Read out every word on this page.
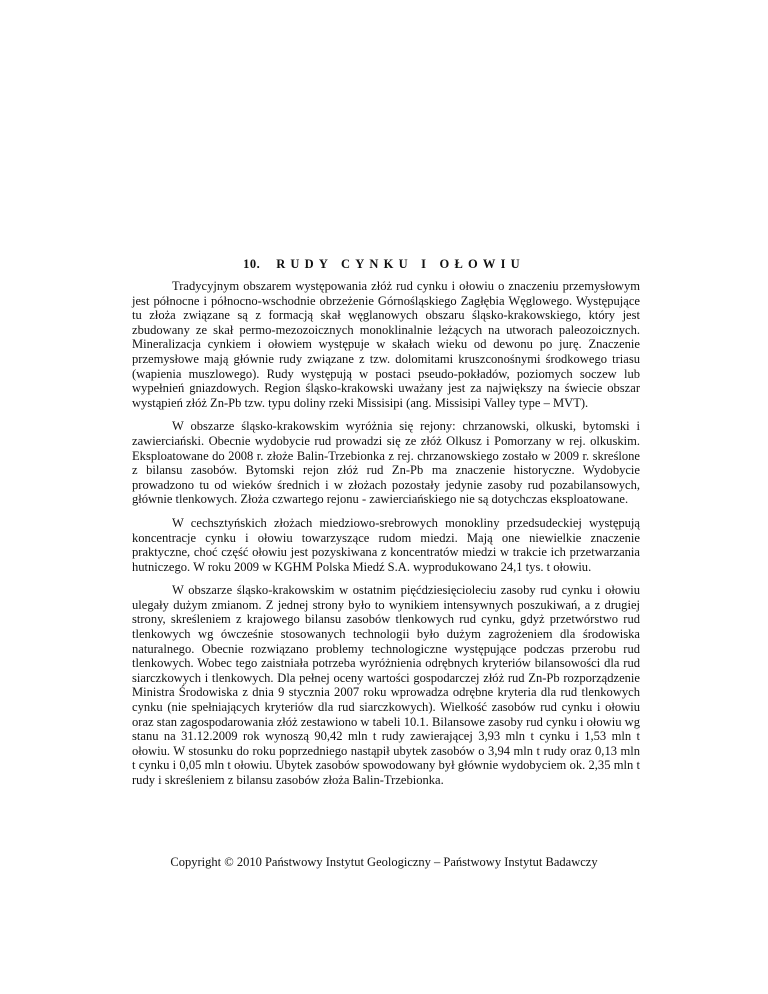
10. RUDY CYNKU I OŁOWIU

Tradycyjnym obszarem występowania złóż rud cynku i ołowiu o znaczeniu przemysłowym jest północne i północno-wschodnie obrzeżenie Górnośląskiego Zagłębia Węglowego. Występujące tu złoża związane są z formacją skał węglanowych obszaru śląsko-krakowskiego, który jest zbudowany ze skał permo-mezozoicznych monoklinalnie leżących na utworach paleozoicznych. Mineralizacja cynkiem i ołowiem występuje w skałach wieku od dewonu po jurę. Znaczenie przemysłowe mają głównie rudy związane z tzw. dolomitami kruszconośnymi środkowego triasu (wapienia muszlowego). Rudy występują w postaci pseudo-pokładów, poziomych soczew lub wypełnień gniazdowych. Region śląsko-krakowski uważany jest za największy na świecie obszar wystąpień złóż Zn-Pb tzw. typu doliny rzeki Missisipi (ang. Missisipi Valley type – MVT).

W obszarze śląsko-krakowskim wyróżnia się rejony: chrzanowski, olkuski, bytomski i zawierciański. Obecnie wydobycie rud prowadzi się ze złóż Olkusz i Pomorzany w rej. olkuskim. Eksploatowane do 2008 r. złoże Balin-Trzebionka z rej. chrzanowskiego zostało w 2009 r. skreślone z bilansu zasobów. Bytomski rejon złóż rud Zn-Pb ma znaczenie historyczne. Wydobycie prowadzono tu od wieków średnich i w złożach pozostały jedynie zasoby rud pozabilansowych, głównie tlenkowych. Złoża czwartego rejonu - zawierciańskiego nie są dotychczas eksploatowane.

W cechsztyńskich złożach miedziowo-srebrowych monokliny przedsudeckiej występują koncentracje cynku i ołowiu towarzyszące rudom miedzi. Mają one niewielkie znaczenie praktyczne, choć część ołowiu jest pozyskiwana z koncentratów miedzi w trakcie ich przetwarzania hutniczego. W roku 2009 w KGHM Polska Miedź S.A. wyprodukowano 24,1 tys. t ołowiu.

W obszarze śląsko-krakowskim w ostatnim pięćdziesięcioleciu zasoby rud cynku i ołowiu ulegały dużym zmianom. Z jednej strony było to wynikiem intensywnych poszukiwań, a z drugiej strony, skreśleniem z krajowego bilansu zasobów tlenkowych rud cynku, gdyż przetwórstwo rud tlenkowych wg ówcześnie stosowanych technologii było dużym zagrożeniem dla środowiska naturalnego. Obecnie rozwiązano problemy technologiczne występujące podczas przerobu rud tlenkowych. Wobec tego zaistniała potrzeba wyróżnienia odrębnych kryteriów bilansowości dla rud siarczkowych i tlenkowych. Dla pełnej oceny wartości gospodarczej złóż rud Zn-Pb rozporządzenie Ministra Środowiska z dnia 9 stycznia 2007 roku wprowadza odrębne kryteria dla rud tlenkowych cynku (nie spełniających kryteriów dla rud siarczkowych). Wielkość zasobów rud cynku i ołowiu oraz stan zagospodarowania złóż zestawiono w tabeli 10.1. Bilansowe zasoby rud cynku i ołowiu wg stanu na 31.12.2009 rok wynoszą 90,42 mln t rudy zawierającej 3,93 mln t cynku i 1,53 mln t ołowiu. W stosunku do roku poprzedniego nastąpił ubytek zasobów o 3,94 mln t rudy oraz 0,13 mln t cynku i 0,05 mln t ołowiu. Ubytek zasobów spowodowany był głównie wydobyciem ok. 2,35 mln t rudy i skreśleniem z bilansu zasobów złoża Balin-Trzebionka.

Copyright © 2010 Państwowy Instytut Geologiczny – Państwowy Instytut Badawczy
